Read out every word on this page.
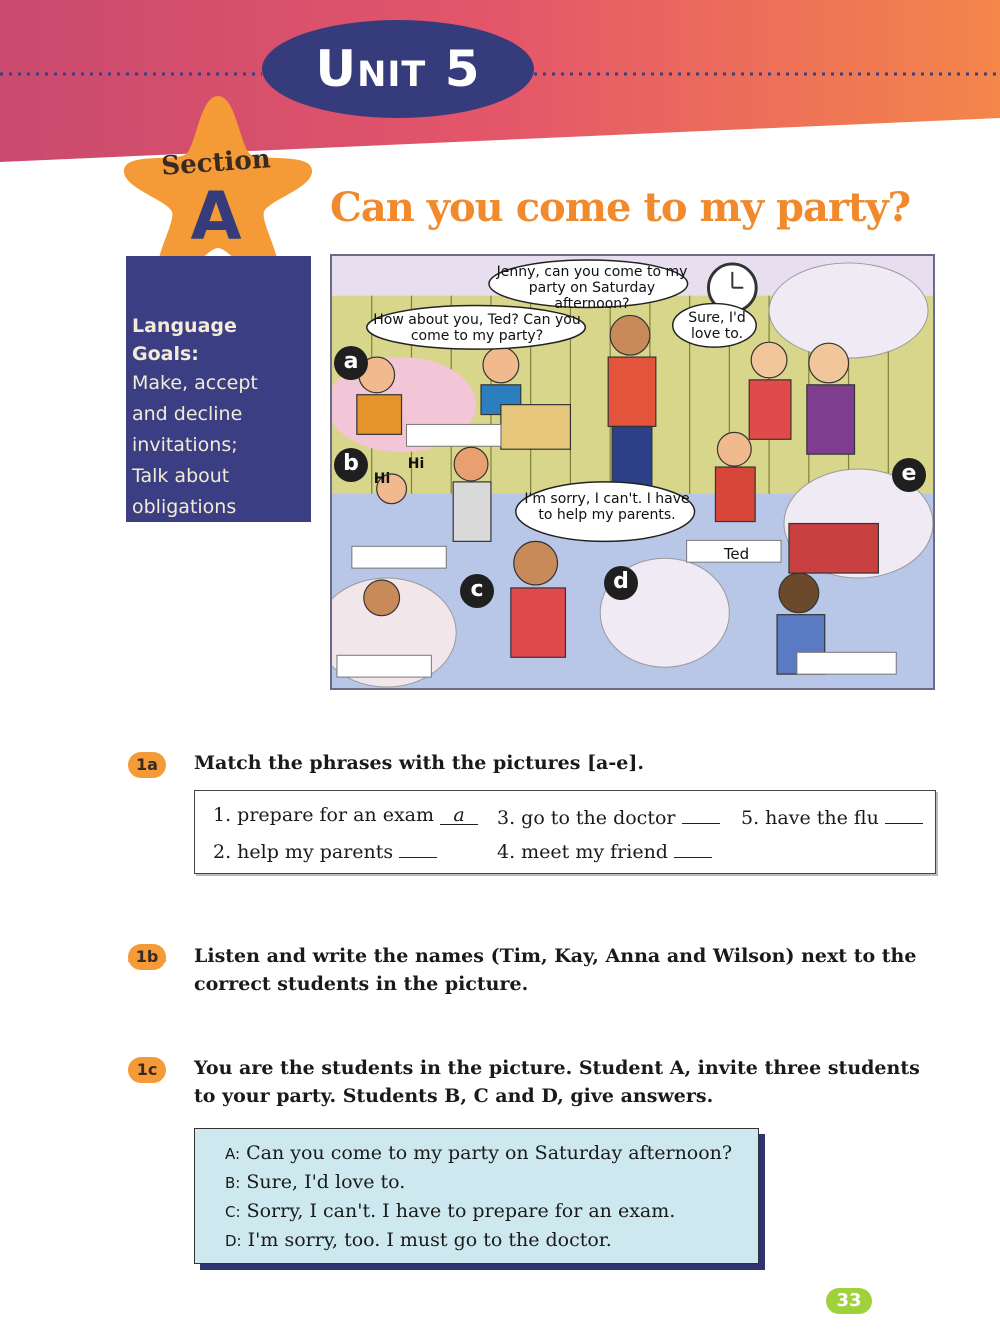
Unit 5
Section
A Can you come to my party?
Language Goals:
Make, accept
and decline
invitations;
Talk about
obligations
Jenny, can you come to my party on Saturday afternoon?
How about you, Ted? Can you come to my party?
Sure, I'd love to.
I'm sorry, I can't. I have to help my parents.
Hi
Hi
a
b
c	d
e
Ted
1a	Match the phrases with the pictures [a-e].
1. prepare for an exam a
2. help my parents
3. go to the doctor
4. meet my friend
5. have the flu
1b	Listen and write the names (Tim, Kay, Anna and Wilson) next to the correct students in the picture.
1c	You are the students in the picture. Student A, invite three students to your party. Students B, C and D, give answers.
A: Can you come to my party on Saturday afternoon?
B: Sure, I'd love to.
C: Sorry, I can't. I have to prepare for an exam.
D: I'm sorry, too. I must go to the doctor.
33
